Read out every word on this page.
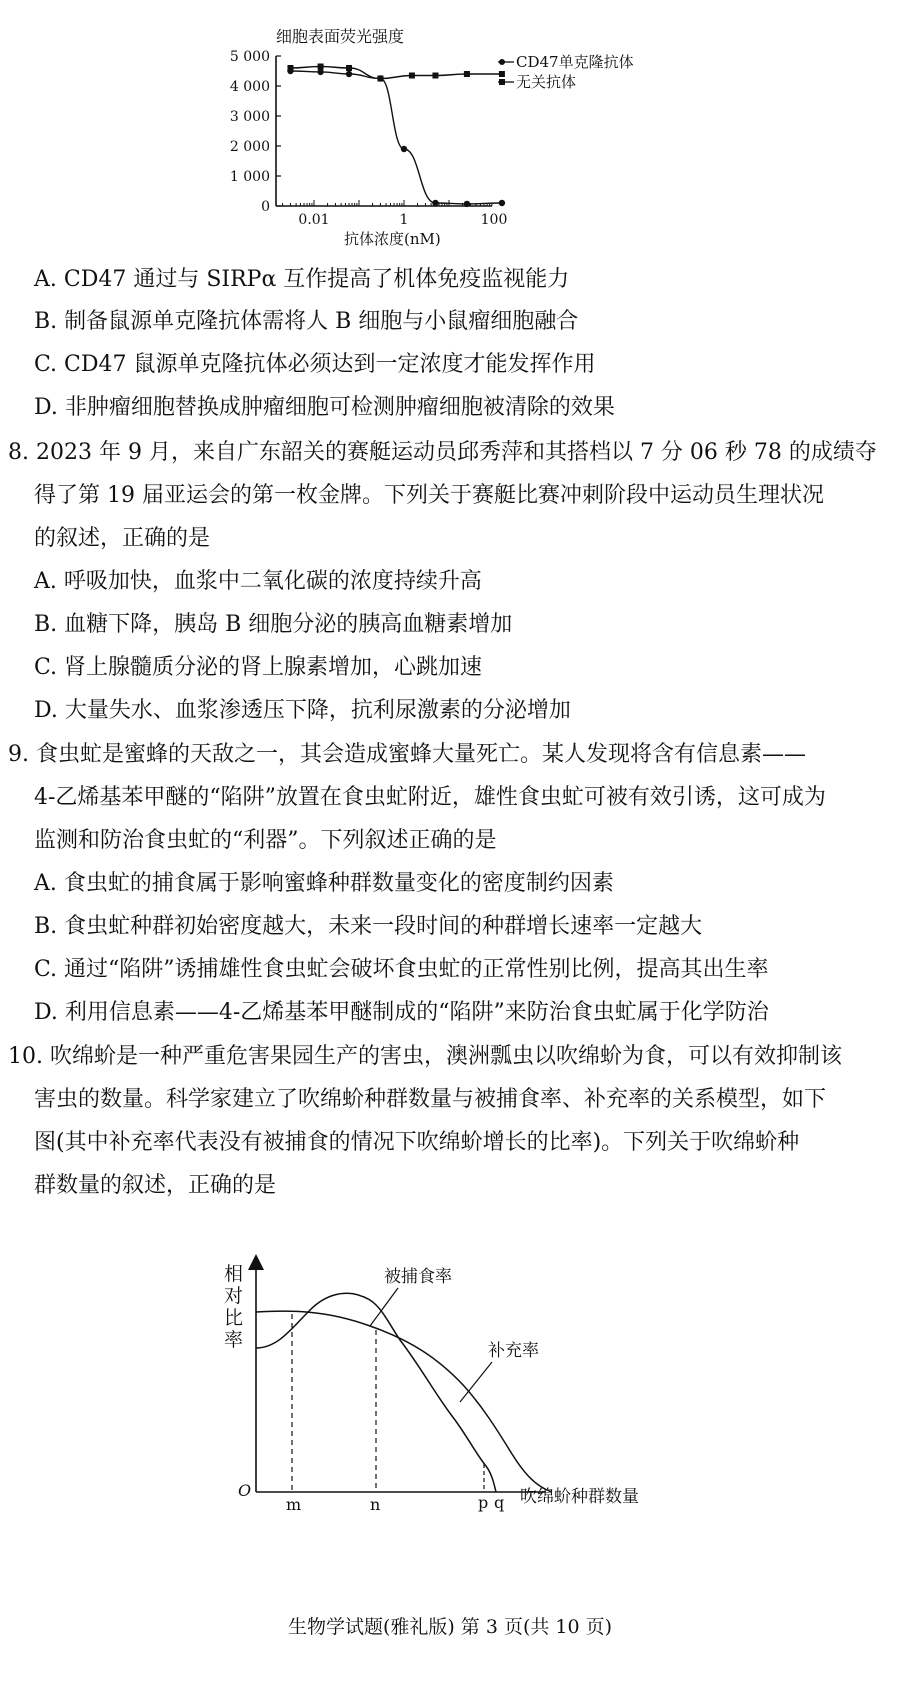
细胞表面荧光强度
0
1 000
2 000
3 000
4 000
5 000
0.01	1	100
抗体浓度(nM)
CD47单克隆抗体
无关抗体
A. CD47 通过与 SIRPα 互作提高了机体免疫监视能力
B. 制备鼠源单克隆抗体需将人 B 细胞与小鼠瘤细胞融合
C. CD47 鼠源单克隆抗体必须达到一定浓度才能发挥作用
D. 非肿瘤细胞替换成肿瘤细胞可检测肿瘤细胞被清除的效果
8. 2023 年 9 月，来自广东韶关的赛艇运动员邱秀萍和其搭档以 7 分 06 秒 78 的成绩夺
得了第 19 届亚运会的第一枚金牌。下列关于赛艇比赛冲刺阶段中运动员生理状况
的叙述，正确的是
A. 呼吸加快，血浆中二氧化碳的浓度持续升高
B. 血糖下降，胰岛 B 细胞分泌的胰高血糖素增加
C. 肾上腺髓质分泌的肾上腺素增加，心跳加速
D. 大量失水、血浆渗透压下降，抗利尿激素的分泌增加
9. 食虫虻是蜜蜂的天敌之一，其会造成蜜蜂大量死亡。某人发现将含有信息素——
4-乙烯基苯甲醚的“陷阱”放置在食虫虻附近，雄性食虫虻可被有效引诱，这可成为
监测和防治食虫虻的“利器”。下列叙述正确的是
A. 食虫虻的捕食属于影响蜜蜂种群数量变化的密度制约因素
B. 食虫虻种群初始密度越大，未来一段时间的种群增长速率一定越大
C. 通过“陷阱”诱捕雄性食虫虻会破坏食虫虻的正常性别比例，提高其出生率
D. 利用信息素——4-乙烯基苯甲醚制成的“陷阱”来防治食虫虻属于化学防治
10. 吹绵蚧是一种严重危害果园生产的害虫，澳洲瓢虫以吹绵蚧为食，可以有效抑制该
害虫的数量。科学家建立了吹绵蚧种群数量与被捕食率、补充率的关系模型，如下
图(其中补充率代表没有被捕食的情况下吹绵蚧增长的比率)。下列关于吹绵蚧种
群数量的叙述，正确的是
相对比率
O	吹绵蚧种群数量
m	n	p q
被捕食率
补充率
生物学试题(雅礼版) 第 3 页(共 10 页)
